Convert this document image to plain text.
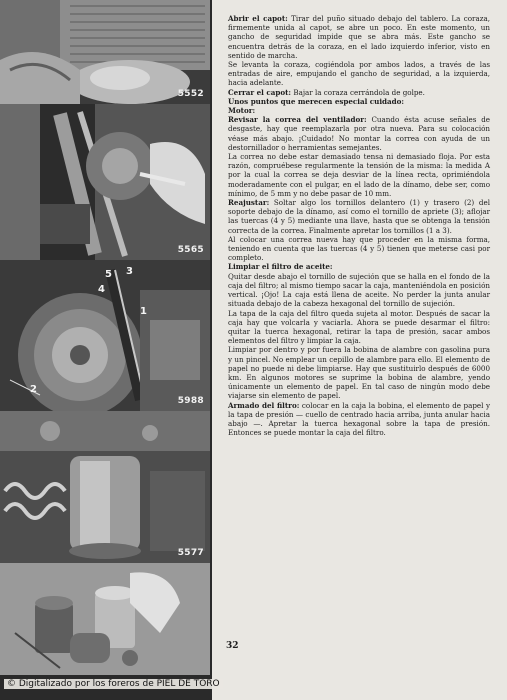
5552
5565
5
4
3
1
2
5988
5577

Abrir el capot: Tirar del puño situado debajo del tablero. La coraza, firmemente unida al capot, se abre un poco. En este momento, un gancho de seguridad impide que se abra más. Este gancho se encuentra detrás de la coraza, en el lado izquierdo inferior, visto en sentido de marcha.

Se levanta la coraza, cogiéndola por ambos lados, a través de las entradas de aire, empujando el gancho de seguridad, a la izquierda, hacia adelante.

Cerrar el capot: Bajar la coraza cerrándola de golpe.

Unos puntos que merecen especial cuidado:

Motor:

Revisar la correa del ventilador: Cuando ésta acuse señales de desgaste, hay que reemplazarla por otra nueva. Para su colocación véase más abajo. ¡Cuidado! No montar la correa con ayuda de un destornillador o herramientas semejantes.

La correa no debe estar demasiado tensa ni demasiado floja. Por esta razón, compruébese regularmente la tensión de la misma: la medida A por la cual la correa se deja desviar de la línea recta, oprimiéndola moderadamente con el pulgar, en el lado de la dínamo, debe ser, como mínimo, de 5 mm y no debe pasar de 10 mm.

Reajustar: Soltar algo los tornillos delantero (1) y trasero (2) del soporte debajo de la dínamo, así como el tornillo de apriete (3); aflojar las tuercas (4 y 5) mediante una llave, hasta que se obtenga la tensión correcta de la correa. Finalmente apretar los tornillos (1 a 3).

Al colocar una correa nueva hay que proceder en la misma forma, teniendo en cuenta que las tuercas (4 y 5) tienen que meterse casi por completo.

Limpiar el filtro de aceite:

Quitar desde abajo el tornillo de sujeción que se halla en el fondo de la caja del filtro; al mismo tiempo sacar la caja, manteniéndola en posición vertical. ¡Ojo! La caja está llena de aceite. No perder la junta anular situada debajo de la cabeza hexagonal del tornillo de sujeción.

La tapa de la caja del filtro queda sujeta al motor. Después de sacar la caja hay que volcarla y vaciarla. Ahora se puede desarmar el filtro: quitar la tuerca hexagonal, retirar la tapa de presión, sacar ambos elementos del filtro y limpiar la caja.

Limpiar por dentro y por fuera la bobina de alambre con gasolina pura y un pincel. No emplear un cepillo de alambre para ello. El elemento de papel no puede ni debe limpiarse. Hay que sustituirlo después de 6000 km. En algunos motores se suprime la bobina de alambre, yendo únicamente un elemento de papel. En tal caso de ningún modo debe viajarse sin elemento de papel.

Armado del filtro: colocar en la caja la bobina, el elemento de papel y la tapa de presión — cuello de centrado hacia arriba, junta anular hacia abajo —. Apretar la tuerca hexagonal sobre la tapa de presión. Entonces se puede montar la caja del filtro.

32
© Digitalizado por los foreros de PIEL DE TORO
